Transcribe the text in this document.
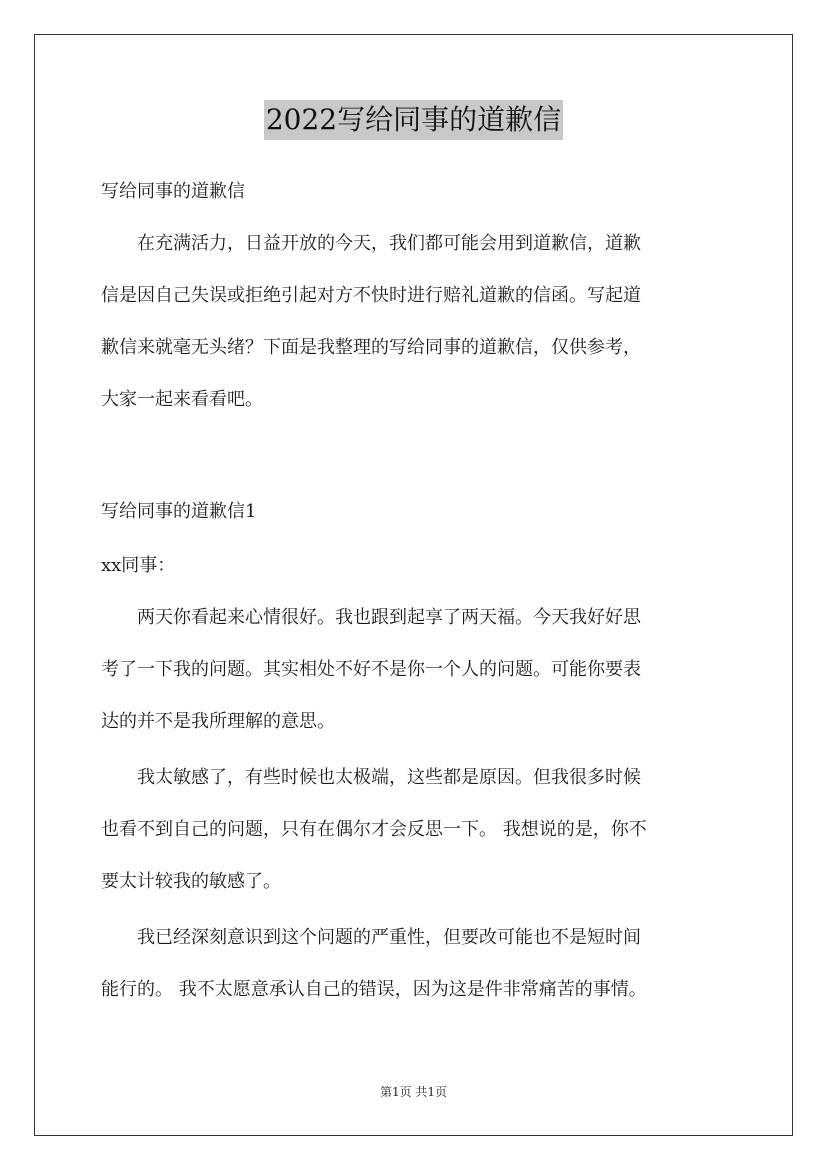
2022写给同事的道歉信

写给同事的道歉信

在充满活力，日益开放的今天，我们都可能会用到道歉信，道歉

信是因自己失误或拒绝引起对方不快时进行赔礼道歉的信函。写起道

歉信来就毫无头绪？下面是我整理的写给同事的道歉信，仅供参考，

大家一起来看看吧。

写给同事的道歉信1

xx同事：

两天你看起来心情很好。我也跟到起享了两天福。今天我好好思

考了一下我的问题。其实相处不好不是你一个人的问题。可能你要表

达的并不是我所理解的意思。

我太敏感了，有些时候也太极端，这些都是原因。但我很多时候

也看不到自己的问题，只有在偶尔才会反思一下。 我想说的是，你不

要太计较我的敏感了。

我已经深刻意识到这个问题的严重性，但要改可能也不是短时间

能行的。 我不太愿意承认自己的错误，因为这是件非常痛苦的事情。

第1页 共1页
